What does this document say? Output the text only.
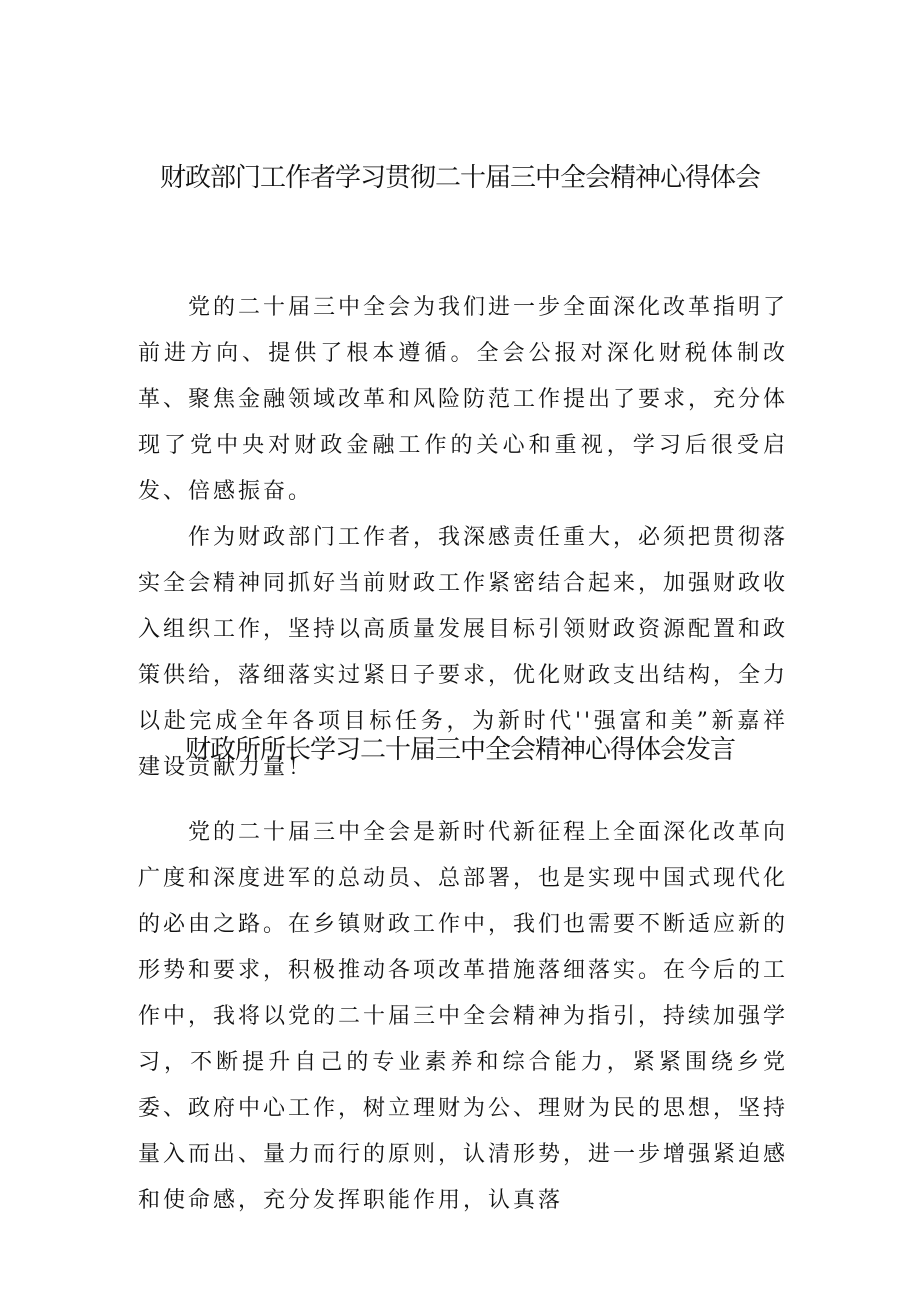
财政部门工作者学习贯彻二十届三中全会精神心得体会

党的二十届三中全会为我们进一步全面深化改革指明了前进方向、提供了根本遵循。全会公报对深化财税体制改革、聚焦金融领域改革和风险防范工作提出了要求，充分体现了党中央对财政金融工作的关心和重视，学习后很受启发、倍感振奋。

作为财政部门工作者，我深感责任重大，必须把贯彻落实全会精神同抓好当前财政工作紧密结合起来，加强财政收入组织工作，坚持以高质量发展目标引领财政资源配置和政策供给，落细落实过紧日子要求，优化财政支出结构，全力以赴完成全年各项目标任务，为新时代''强富和美”新嘉祥建设贡献力量！

财政所所长学习二十届三中全会精神心得体会发言

党的二十届三中全会是新时代新征程上全面深化改革向广度和深度进军的总动员、总部署，也是实现中国式现代化的必由之路。在乡镇财政工作中，我们也需要不断适应新的形势和要求，积极推动各项改革措施落细落实。在今后的工作中，我将以党的二十届三中全会精神为指引，持续加强学习，不断提升自己的专业素养和综合能力，紧紧围绕乡党委、政府中心工作，树立理财为公、理财为民的思想，坚持量入而出、量力而行的原则，认清形势，进一步增强紧迫感和使命感，充分发挥职能作用，认真落
